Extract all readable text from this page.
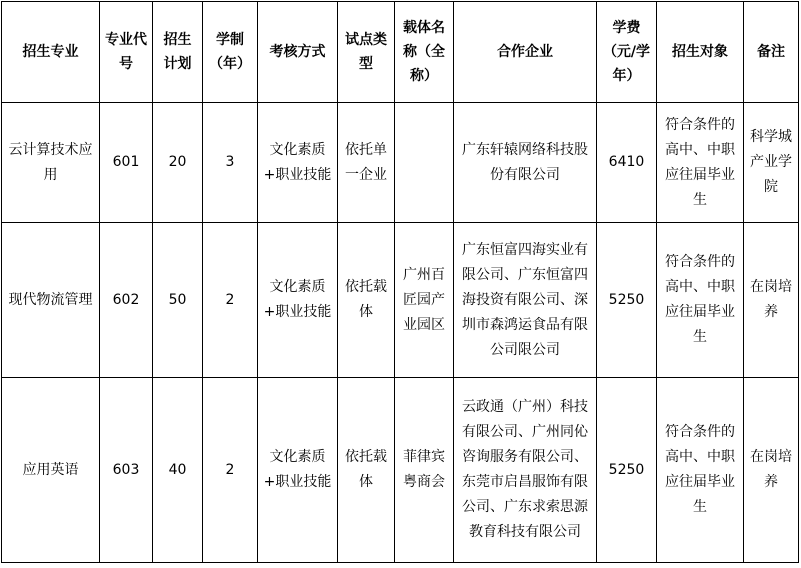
招生专业	专业代号	招生计划	学制（年）	考核方式	试点类型	载体名称（全称）	合作企业	学费（元/学年）	招生对象	备注
云计算技术应用	601	20	3	文化素质+职业技能	依托单一企业		广东轩辕网络科技股份有限公司	6410	符合条件的高中、中职应往届毕业生	科学城产业学院
现代物流管理	602	50	2	文化素质+职业技能	依托载体	广州百匠园产业园区	广东恒富四海实业有限公司、广东恒富四海投资有限公司、深圳市森鸿运食品有限公司限公司	5250	符合条件的高中、中职应往届毕业生	在岗培养
应用英语	603	40	2	文化素质+职业技能	依托载体	菲律宾粤商会	云政通（广州）科技有限公司、广州同伈咨询服务有限公司、东莞市启昌服饰有限公司、广东求索思源教育科技有限公司	5250	符合条件的高中、中职应往届毕业生	在岗培养
